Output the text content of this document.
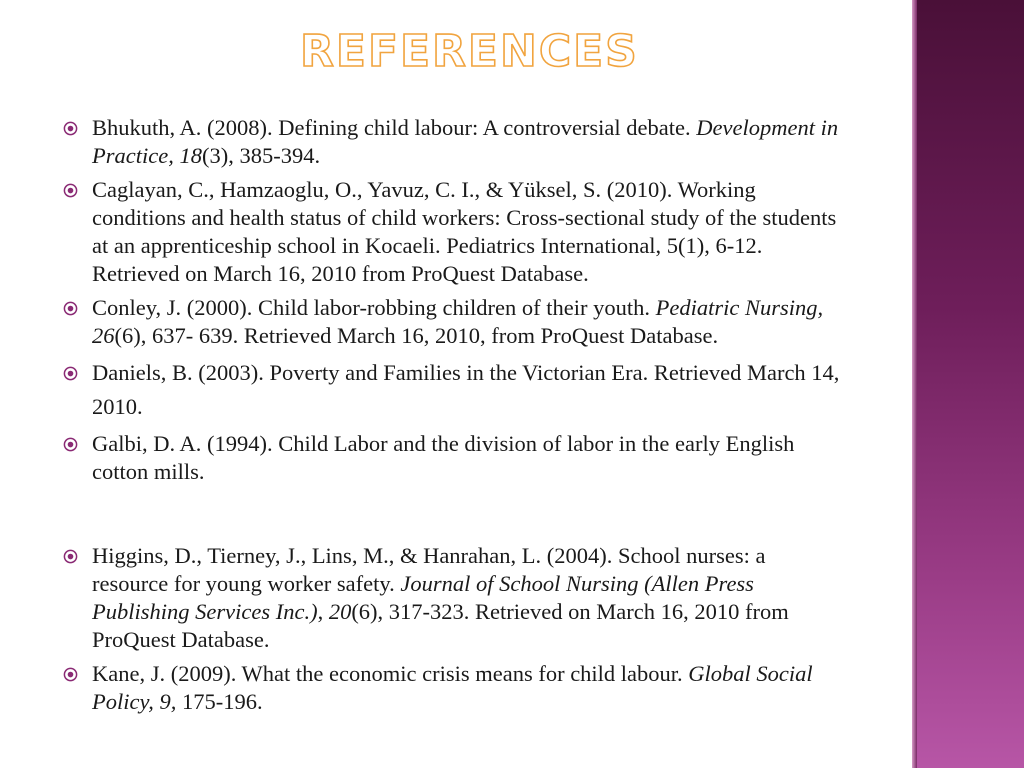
REFERENCES
Bhukuth, A. (2008). Defining child labour: A controversial debate. Development in Practice, 18(3), 385-394.
Caglayan, C., Hamzaoglu, O., Yavuz, C. I., & Yüksel, S. (2010). Working conditions and health status of child workers: Cross-sectional study of the students at an apprenticeship school in Kocaeli. Pediatrics International, 5(1), 6-12. Retrieved on March 16, 2010 from ProQuest Database.
Conley, J. (2000). Child labor-robbing children of their youth. Pediatric Nursing, 26(6), 637- 639. Retrieved March 16, 2010, from ProQuest Database.
Daniels, B. (2003). Poverty and Families in the Victorian Era. Retrieved March 14, 2010.
Galbi, D. A. (1994). Child Labor and the division of labor in the early English cotton mills.
Higgins, D., Tierney, J., Lins, M., & Hanrahan, L. (2004). School nurses: a resource for young worker safety. Journal of School Nursing (Allen Press Publishing Services Inc.), 20(6), 317-323. Retrieved on March 16, 2010 from ProQuest Database.
Kane, J. (2009). What the economic crisis means for child labour. Global Social Policy, 9, 175-196.
